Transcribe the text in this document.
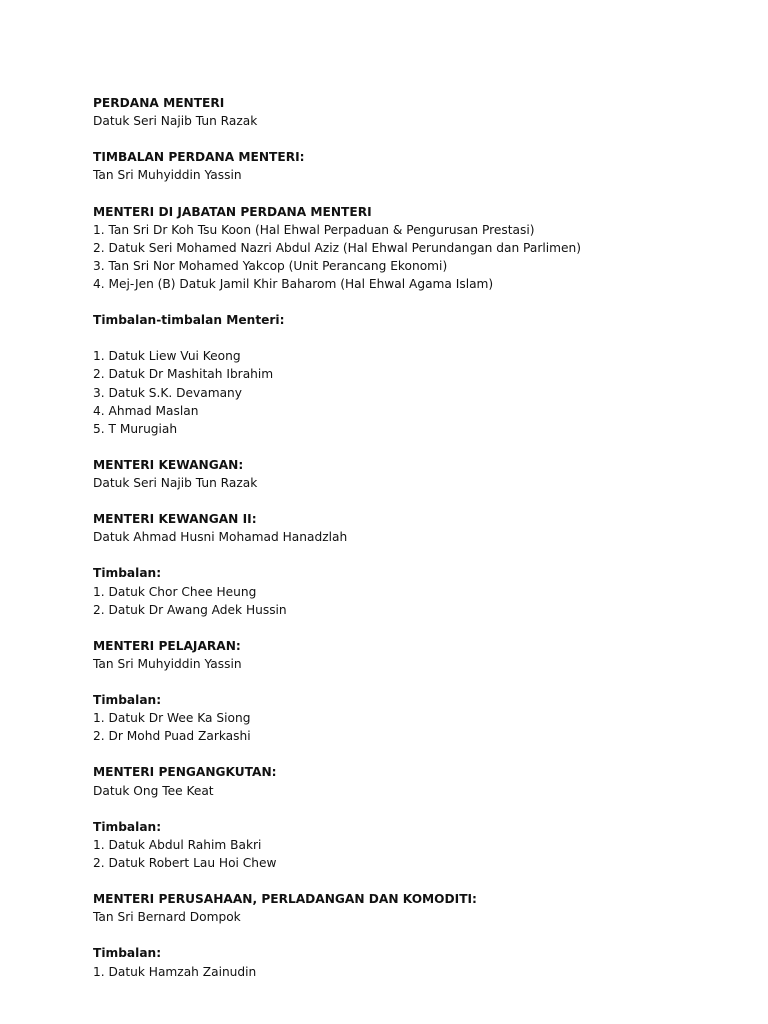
PERDANA MENTERI
Datuk Seri Najib Tun Razak
TIMBALAN PERDANA MENTERI:
Tan Sri Muhyiddin Yassin
MENTERI DI JABATAN PERDANA MENTERI
1. Tan Sri Dr Koh Tsu Koon (Hal Ehwal Perpaduan & Pengurusan Prestasi)
2. Datuk Seri Mohamed Nazri Abdul Aziz (Hal Ehwal Perundangan dan Parlimen)
3. Tan Sri Nor Mohamed Yakcop (Unit Perancang Ekonomi)
4. Mej-Jen (B) Datuk Jamil Khir Baharom (Hal Ehwal Agama Islam)
Timbalan-timbalan Menteri:
1. Datuk Liew Vui Keong
2. Datuk Dr Mashitah Ibrahim
3. Datuk S.K. Devamany
4. Ahmad Maslan
5. T Murugiah
MENTERI KEWANGAN:
Datuk Seri Najib Tun Razak
MENTERI KEWANGAN II:
Datuk Ahmad Husni Mohamad Hanadzlah
Timbalan:
1. Datuk Chor Chee Heung
2. Datuk Dr Awang Adek Hussin
MENTERI PELAJARAN:
Tan Sri Muhyiddin Yassin
Timbalan:
1. Datuk Dr Wee Ka Siong
2. Dr Mohd Puad Zarkashi
MENTERI PENGANGKUTAN:
Datuk Ong Tee Keat
Timbalan:
1. Datuk Abdul Rahim Bakri
2. Datuk Robert Lau Hoi Chew
MENTERI PERUSAHAAN, PERLADANGAN DAN KOMODITI:
Tan Sri Bernard Dompok
Timbalan:
1. Datuk Hamzah Zainudin
